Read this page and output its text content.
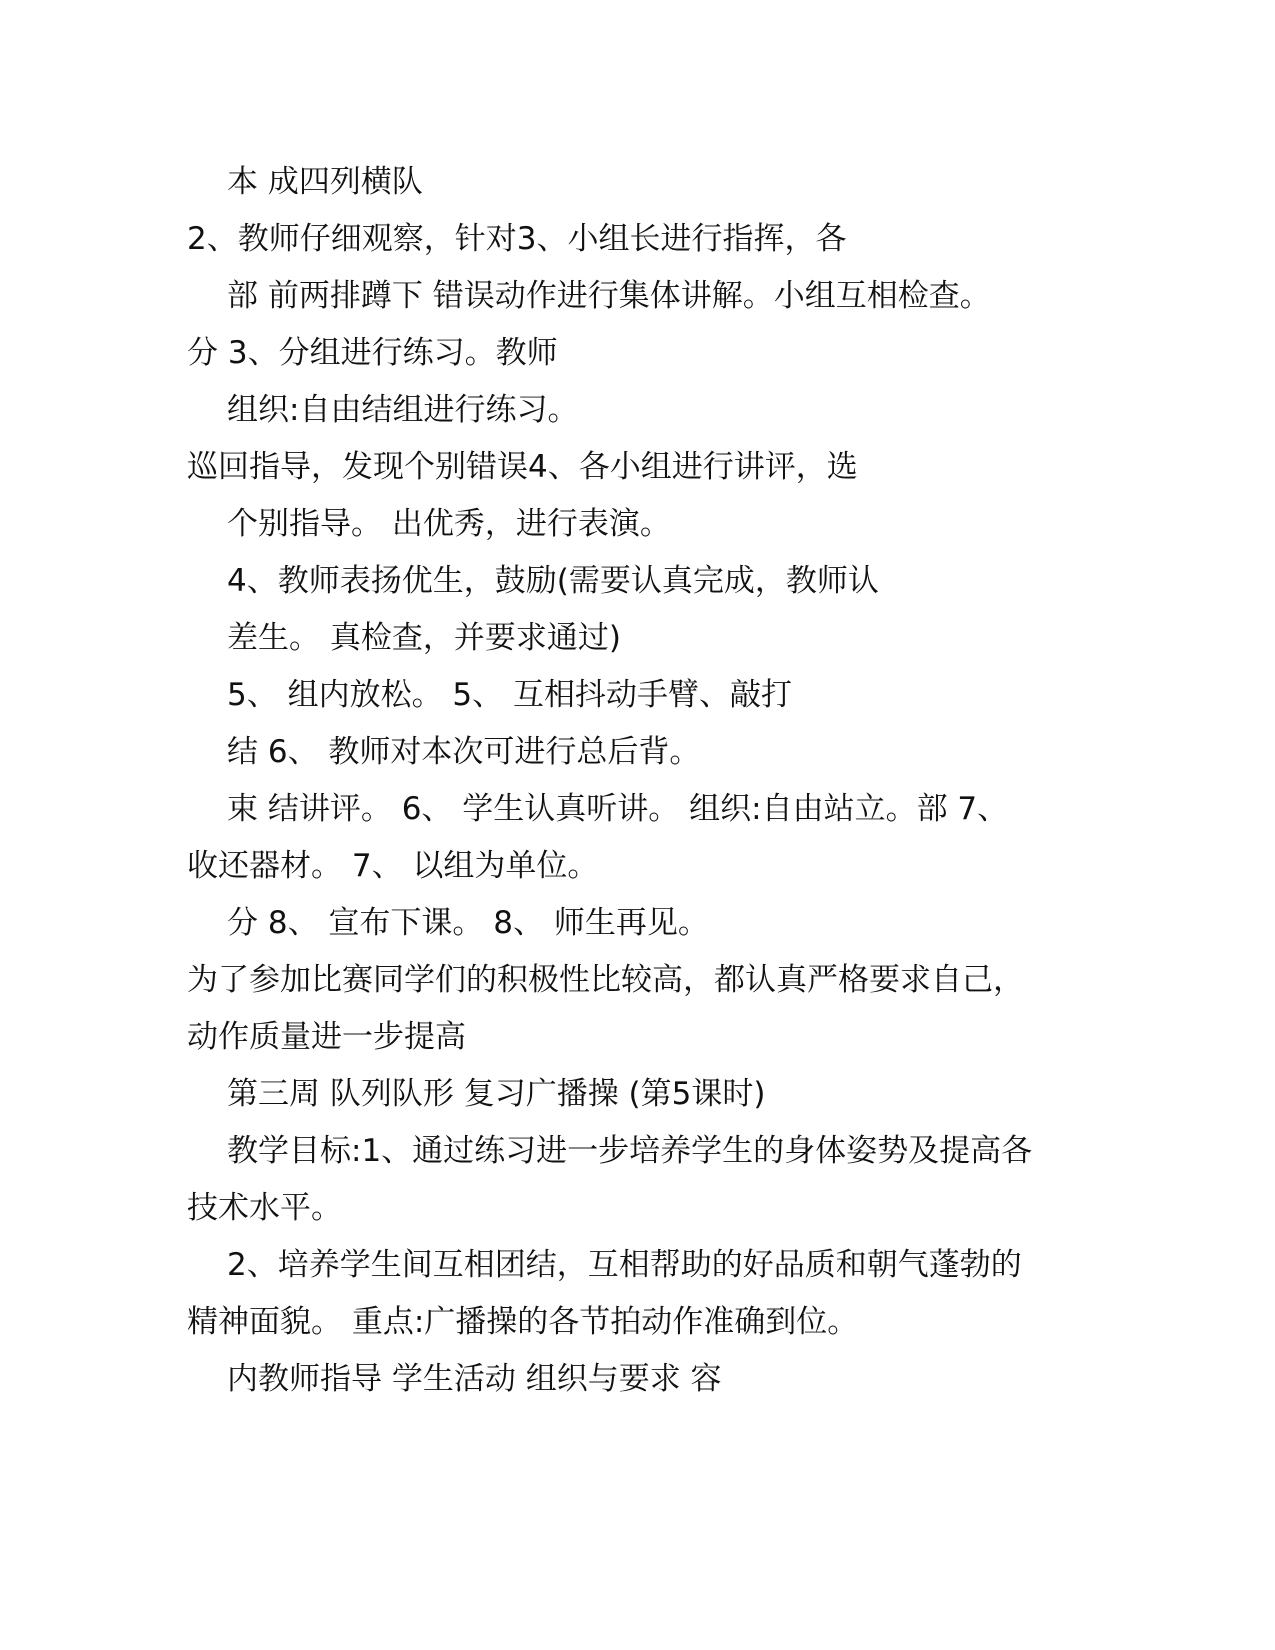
本 成四列横队
2、教师仔细观察，针对3、小组长进行指挥，各
部 前两排蹲下 错误动作进行集体讲解。小组互相检查。
分 3、分组进行练习。教师
组织:自由结组进行练习。
巡回指导，发现个别错误4、各小组进行讲评，选
个别指导。 出优秀，进行表演。
4、教师表扬优生，鼓励(需要认真完成，教师认
差生。 真检查，并要求通过)
5、 组内放松。 5、 互相抖动手臂、敲打
结 6、 教师对本次可进行总后背。
束 结讲评。 6、 学生认真听讲。 组织:自由站立。部 7、
收还器材。 7、 以组为单位。
分 8、 宣布下课。 8、 师生再见。
为了参加比赛同学们的积极性比较高，都认真严格要求自己，
动作质量进一步提高
第三周 队列队形 复习广播操 (第5课时)
教学目标:1、通过练习进一步培养学生的身体姿势及提高各
技术水平。
2、培养学生间互相团结，互相帮助的好品质和朝气蓬勃的
精神面貌。 重点:广播操的各节拍动作准确到位。
内教师指导 学生活动 组织与要求 容
